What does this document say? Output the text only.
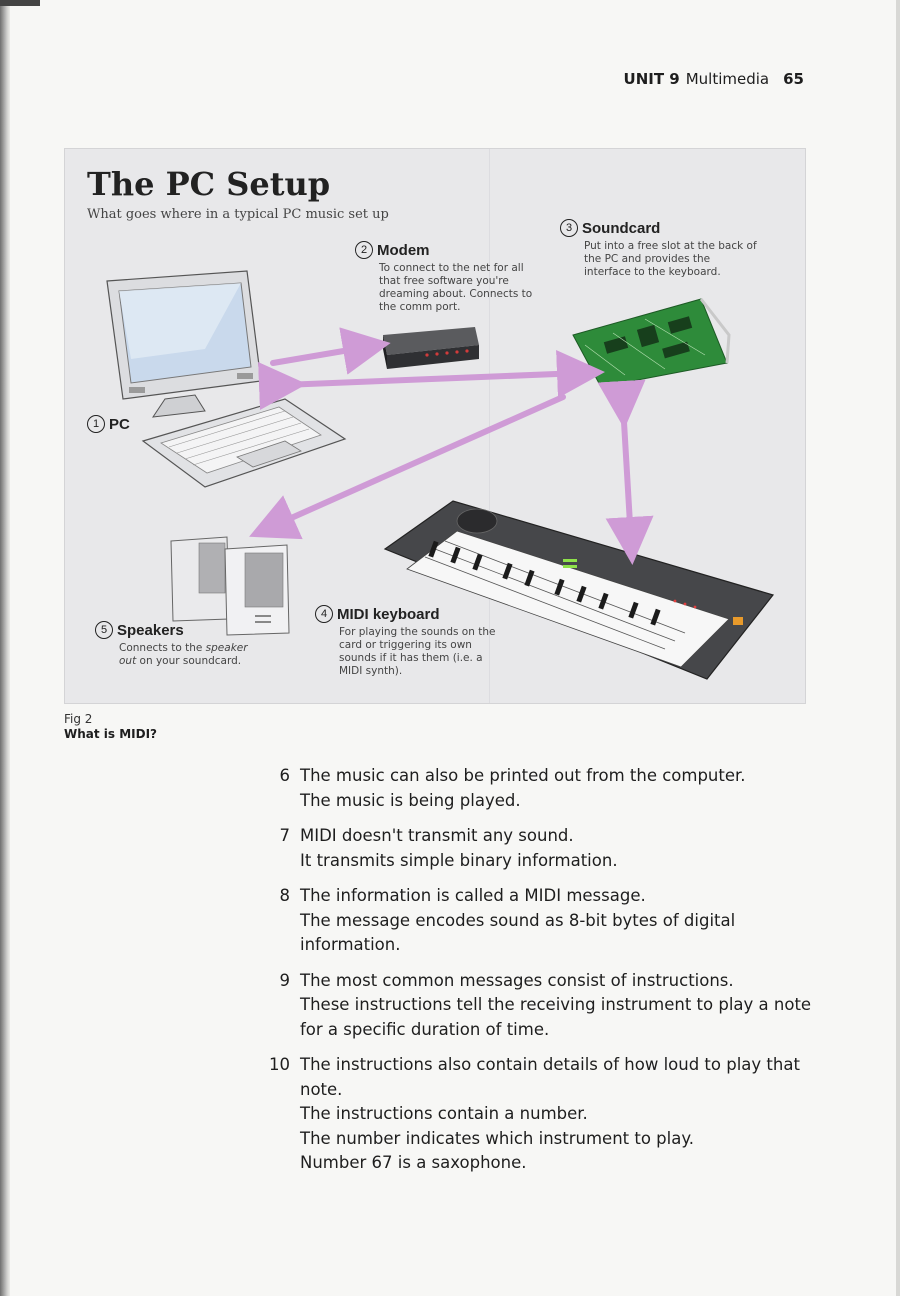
UNIT 9 Multimedia 65
The PC Setup
What goes where in a typical PC music set up
1 PC
2 Modem
To connect to the net for all that free software you're dreaming about. Connects to the comm port.
3 Soundcard
Put into a free slot at the back of the PC and provides the interface to the keyboard.
4 MIDI keyboard
For playing the sounds on the card or triggering its own sounds if it has them (i.e. a MIDI synth).
5 Speakers
Connects to the speaker out on your soundcard.
Fig 2
What is MIDI?
6 The music can also be printed out from the computer.
The music is being played.
7 MIDI doesn't transmit any sound.
It transmits simple binary information.
8 The information is called a MIDI message.
The message encodes sound as 8-bit bytes of digital information.
9 The most common messages consist of instructions.
These instructions tell the receiving instrument to play a note for a specific duration of time.
10 The instructions also contain details of how loud to play that note.
The instructions contain a number.
The number indicates which instrument to play.
Number 67 is a saxophone.
